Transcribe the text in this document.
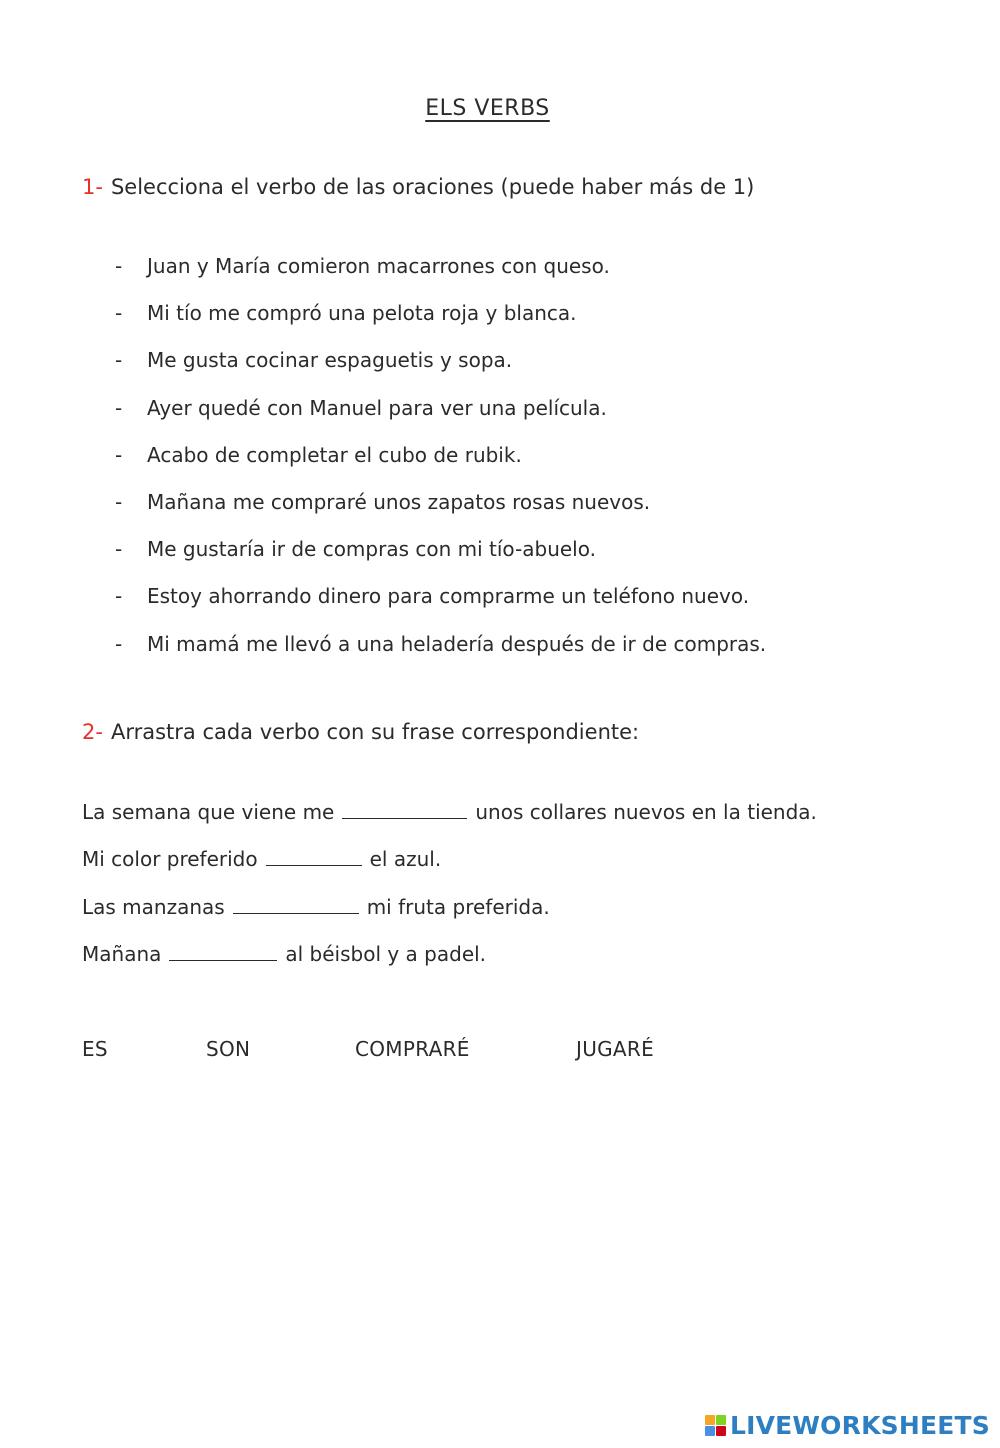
ELS VERBS
1- Selecciona el verbo de las oraciones (puede haber más de 1)
-	Juan y María comieron macarrones con queso.
-	Mi tío me compró una pelota roja y blanca.
-	Me gusta cocinar espaguetis y sopa.
-	Ayer quedé con Manuel para ver una película.
-	Acabo de completar el cubo de rubik.
-	Mañana me compraré unos zapatos rosas nuevos.
-	Me gustaría ir de compras con mi tío-abuelo.
-	Estoy ahorrando dinero para comprarme un teléfono nuevo.
-	Mi mamá me llevó a una heladería después de ir de compras.
2- Arrastra cada verbo con su frase correspondiente:
La semana que viene me	unos collares nuevos en la tienda.
Mi color preferido	el azul.
Las manzanas	mi fruta preferida.
Mañana	al béisbol y a padel.
ES	SON	COMPRARÉ	JUGARÉ
LIVEWORKSHEETS
